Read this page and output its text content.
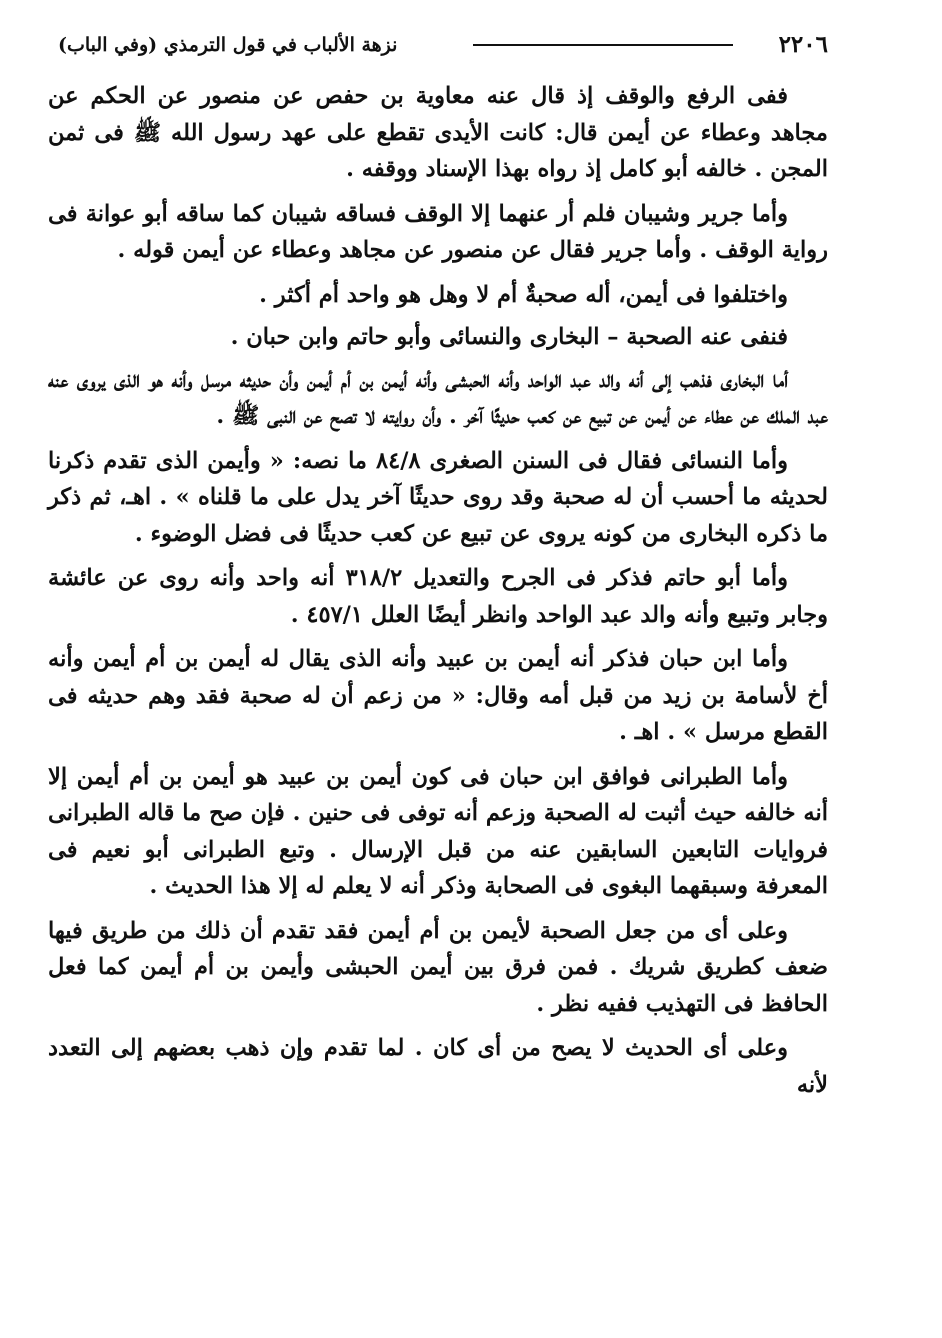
٢٢٠٦
نزهة الألباب في قول الترمذي (وفي الباب)

ففى الرفع والوقف إذ قال عنه معاوية بن حفص عن منصور عن الحكم عن مجاهد وعطاء عن أيمن قال: كانت الأيدى تقطع على عهد رسول الله ﷺ فى ثمن المجن . خالفه أبو كامل إذ رواه بهذا الإسناد ووقفه .

وأما جرير وشيبان فلم أر عنهما إلا الوقف فساقه شيبان كما ساقه أبو عوانة فى رواية الوقف . وأما جرير فقال عن منصور عن مجاهد وعطاء عن أيمن قوله .

واختلفوا فى أيمن، أله صحبةٌ أم لا وهل هو واحد أم أكثر .

فنفى عنه الصحبة – البخارى والنسائى وأبو حاتم وابن حبان .

أما البخارى فذهب إلى أنه والد عبد الواحد وأنه الحبشى وأنه أيمن بن أم أيمن وأن حديثه مرسل وأنه هو الذى يروى عنه عبد الملك عن عطاء عن أيمن عن تبيع عن كعب حديثًا آخر . وأن روايته لا تصح عن النبى ﷺ .

وأما النسائى فقال فى السنن الصغرى ٨٤/٨ ما نصه: « وأيمن الذى تقدم ذكرنا لحديثه ما أحسب أن له صحبة وقد روى حديثًا آخر يدل على ما قلناه » . اهـ، ثم ذكر ما ذكره البخارى من كونه يروى عن تبيع عن كعب حديثًا فى فضل الوضوء .

وأما أبو حاتم فذكر فى الجرح والتعديل ٣١٨/٢ أنه واحد وأنه روى عن عائشة وجابر وتبيع وأنه والد عبد الواحد وانظر أيضًا العلل ٤٥٧/١ .

وأما ابن حبان فذكر أنه أيمن بن عبيد وأنه الذى يقال له أيمن بن أم أيمن وأنه أخ لأسامة بن زيد من قبل أمه وقال: « من زعم أن له صحبة فقد وهم حديثه فى القطع مرسل » . اهـ .

وأما الطبرانى فوافق ابن حبان فى كون أيمن بن عبيد هو أيمن بن أم أيمن إلا أنه خالفه حيث أثبت له الصحبة وزعم أنه توفى فى حنين . فإن صح ما قاله الطبرانى فروايات التابعين السابقين عنه من قبل الإرسال . وتبع الطبرانى أبو نعيم فى المعرفة وسبقهما البغوى فى الصحابة وذكر أنه لا يعلم له إلا هذا الحديث .

وعلى أى من جعل الصحبة لأيمن بن أم أيمن فقد تقدم أن ذلك من طريق فيها ضعف كطريق شريك . فمن فرق بين أيمن الحبشى وأيمن بن أم أيمن كما فعل الحافظ فى التهذيب ففيه نظر .

وعلى أى الحديث لا يصح من أى كان . لما تقدم وإن ذهب بعضهم إلى التعدد لأنه
